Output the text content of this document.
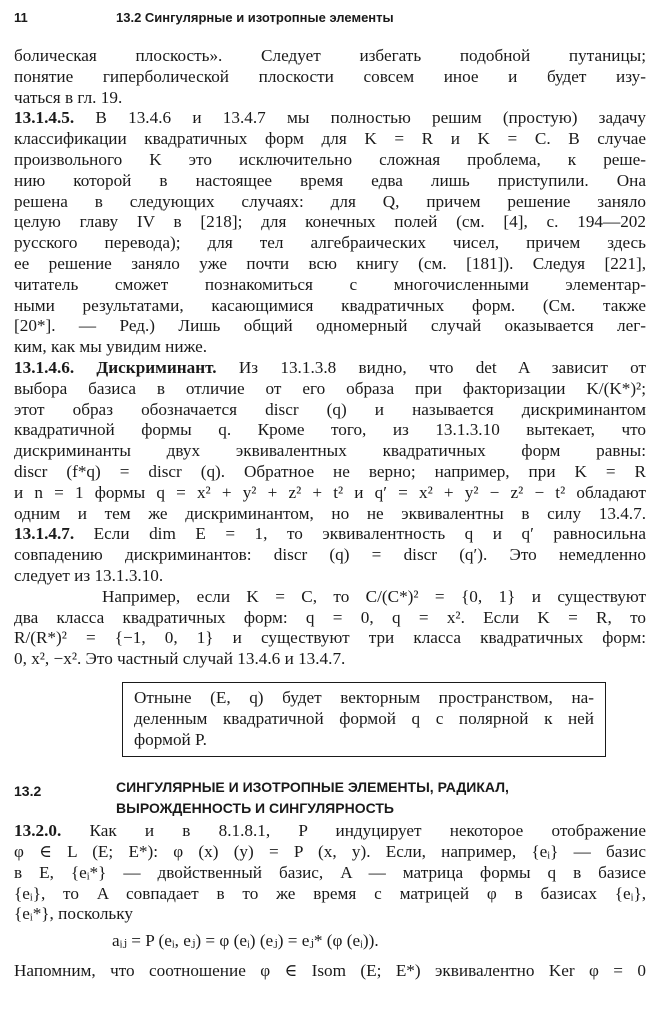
11	13.2 Сингулярные и изотропные элементы
болическая плоскость». Следует избегать подобной путаницы;
понятие гиперболической плоскости совсем иное и будет изу-
чаться в гл. 19.
13.1.4.5. В 13.4.6 и 13.4.7 мы полностью решим (простую) задачу
классификации квадратичных форм для K = R и K = C. В случае
произвольного K это исключительно сложная проблема, к реше-
нию которой в настоящее время едва лишь приступили. Она
решена в следующих случаях: для Q, причем решение заняло
целую главу IV в [218]; для конечных полей (см. [4], с. 194—202
русского перевода); для тел алгебраических чисел, причем здесь
ее решение заняло уже почти всю книгу (см. [181]). Следуя [221],
читатель сможет познакомиться с многочисленными элементар-
ными результатами, касающимися квадратичных форм. (См. также
[20*]. — Ред.) Лишь общий одномерный случай оказывается лег-
ким, как мы увидим ниже.
13.1.4.6. Дискриминант. Из 13.1.3.8 видно, что det A зависит от
выбора базиса в отличие от его образа при факторизации K/(K*)²;
этот образ обозначается discr (q) и называется дискриминантом
квадратичной формы q. Кроме того, из 13.1.3.10 вытекает, что
дискриминанты двух эквивалентных квадратичных форм равны:
discr (f*q) = discr (q). Обратное не верно; например, при K = R
и n = 1 формы q = x² + y² + z² + t² и q′ = x² + y² − z² − t² обладают
одним и тем же дискриминантом, но не эквивалентны в силу 13.4.7.
13.1.4.7. Если dim E = 1, то эквивалентность q и q′ равносильна
совпадению дискриминантов: discr (q) = discr (q′). Это немедленно
следует из 13.1.3.10.
Например, если K = C, то C/(C*)² = {0, 1} и существуют
два класса квадратичных форм: q = 0, q = x². Если K = R, то
R/(R*)² = {−1, 0, 1} и существуют три класса квадратичных форм:
0, x², −x². Это частный случай 13.4.6 и 13.4.7.
Отныне (E, q) будет векторным пространством, на-
деленным квадратичной формой q с полярной к ней
формой P.
13.2	СИНГУЛЯРНЫЕ И ИЗОТРОПНЫЕ ЭЛЕМЕНТЫ, РАДИКАЛ,
ВЫРОЖДЕННОСТЬ И СИНГУЛЯРНОСТЬ
13.2.0. Как и в 8.1.8.1, P индуцирует некоторое отображение
φ ∈ L (E; E*): φ (x) (y) = P (x, y). Если, например, {eᵢ} — базис
в E, {eᵢ*} — двойственный базис, A — матрица формы q в базисе
{eᵢ}, то A совпадает в то же время с матрицей φ в базисах {eᵢ},
{eᵢ*}, поскольку
aᵢⱼ = P (eᵢ, eⱼ) = φ (eᵢ) (eⱼ) = eⱼ* (φ (eᵢ)).
Напомним, что соотношение φ ∈ Isom (E; E*) эквивалентно Ker φ = 0
